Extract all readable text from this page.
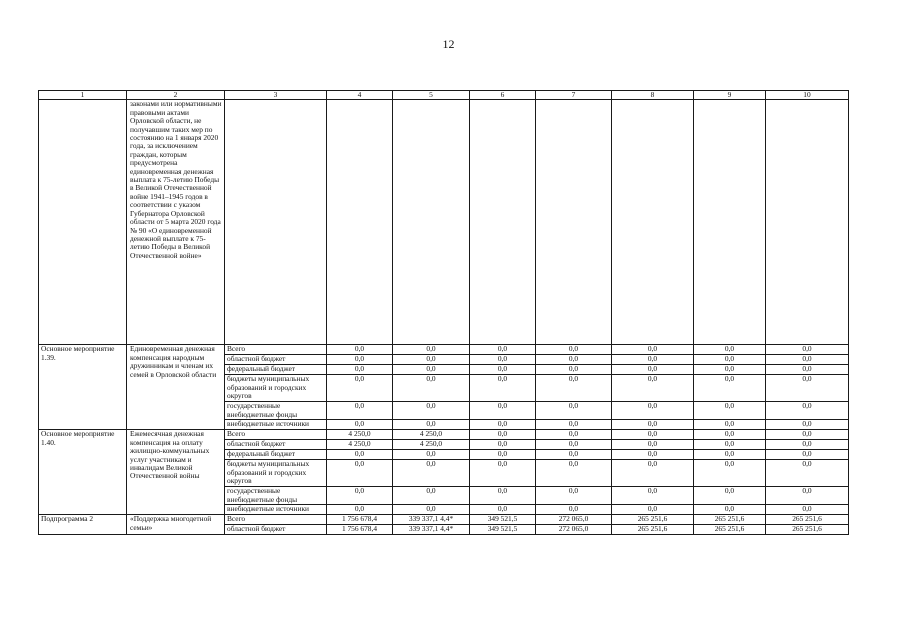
12
1	2	3	4	5	6	7	8	9	10
	законами или нормативными правовыми актами Орловской области, не получавшим таких мер по состоянию на 1 января 2020 года, за исключением граждан, которым предусмотрена единовременная денежная выплата к 75-летию Победы в Великой Отечественной войне 1941–1945 годов в соответствии с указом Губернатора Орловской области от 5 марта 2020 года № 90 «О единовременной денежной выплате к 75-летию Победы в Великой Отечественной войне»								
Основное мероприятие 1.39.	Единовременная денежная компенсация народным дружинникам и членам их семей в Орловской области	Всего	0,0	0,0	0,0	0,0	0,0	0,0	0,0
		областной бюджет	0,0	0,0	0,0	0,0	0,0	0,0	0,0
		федеральный бюджет	0,0	0,0	0,0	0,0	0,0	0,0	0,0
		бюджеты муниципальных образований и городских округов	0,0	0,0	0,0	0,0	0,0	0,0	0,0
		государственные внебюджетные фонды	0,0	0,0	0,0	0,0	0,0	0,0	0,0
		внебюджетные источники	0,0	0,0	0,0	0,0	0,0	0,0	0,0
Основное мероприятие 1.40.	Ежемесячная денежная компенсация на оплату жилищно-коммунальных услуг участникам и инвалидам Великой Отечественной войны	Всего	4 250,0	4 250,0	0,0	0,0	0,0	0,0	0,0
		областной бюджет	4 250,0	4 250,0	0,0	0,0	0,0	0,0	0,0
		федеральный бюджет	0,0	0,0	0,0	0,0	0,0	0,0	0,0
		бюджеты муниципальных образований и городских округов	0,0	0,0	0,0	0,0	0,0	0,0	0,0
		государственные внебюджетные фонды	0,0	0,0	0,0	0,0	0,0	0,0	0,0
		внебюджетные источники	0,0	0,0	0,0	0,0	0,0	0,0	0,0
Подпрограмма 2	«Поддержка многодетной семьи»	Всего	1 756 678,4	339 337,1 4,4*	349 521,5	272 065,0	265 251,6	265 251,6	265 251,6
		областной бюджет	1 756 678,4	339 337,1 4,4*	349 521,5	272 065,0	265 251,6	265 251,6	265 251,6
